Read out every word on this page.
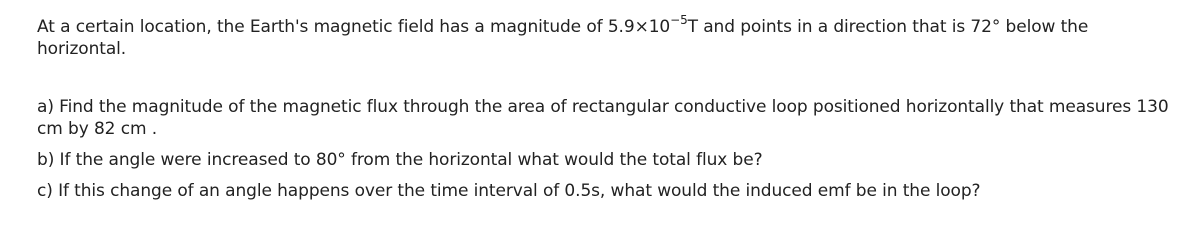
At a certain location, the Earth's magnetic field has a magnitude of $5.9\times 10^{-5}T$ and points in a direction that is 72° below the horizontal.

a) Find the magnitude of the magnetic flux through the area of rectangular conductive loop positioned horizontally that measures 130 cm by 82 cm .

b) If the angle were increased to 80° from the horizontal what would the total flux be?

c) If this change of an angle happens over the time interval of 0.5s, what would the induced emf be in the loop?
